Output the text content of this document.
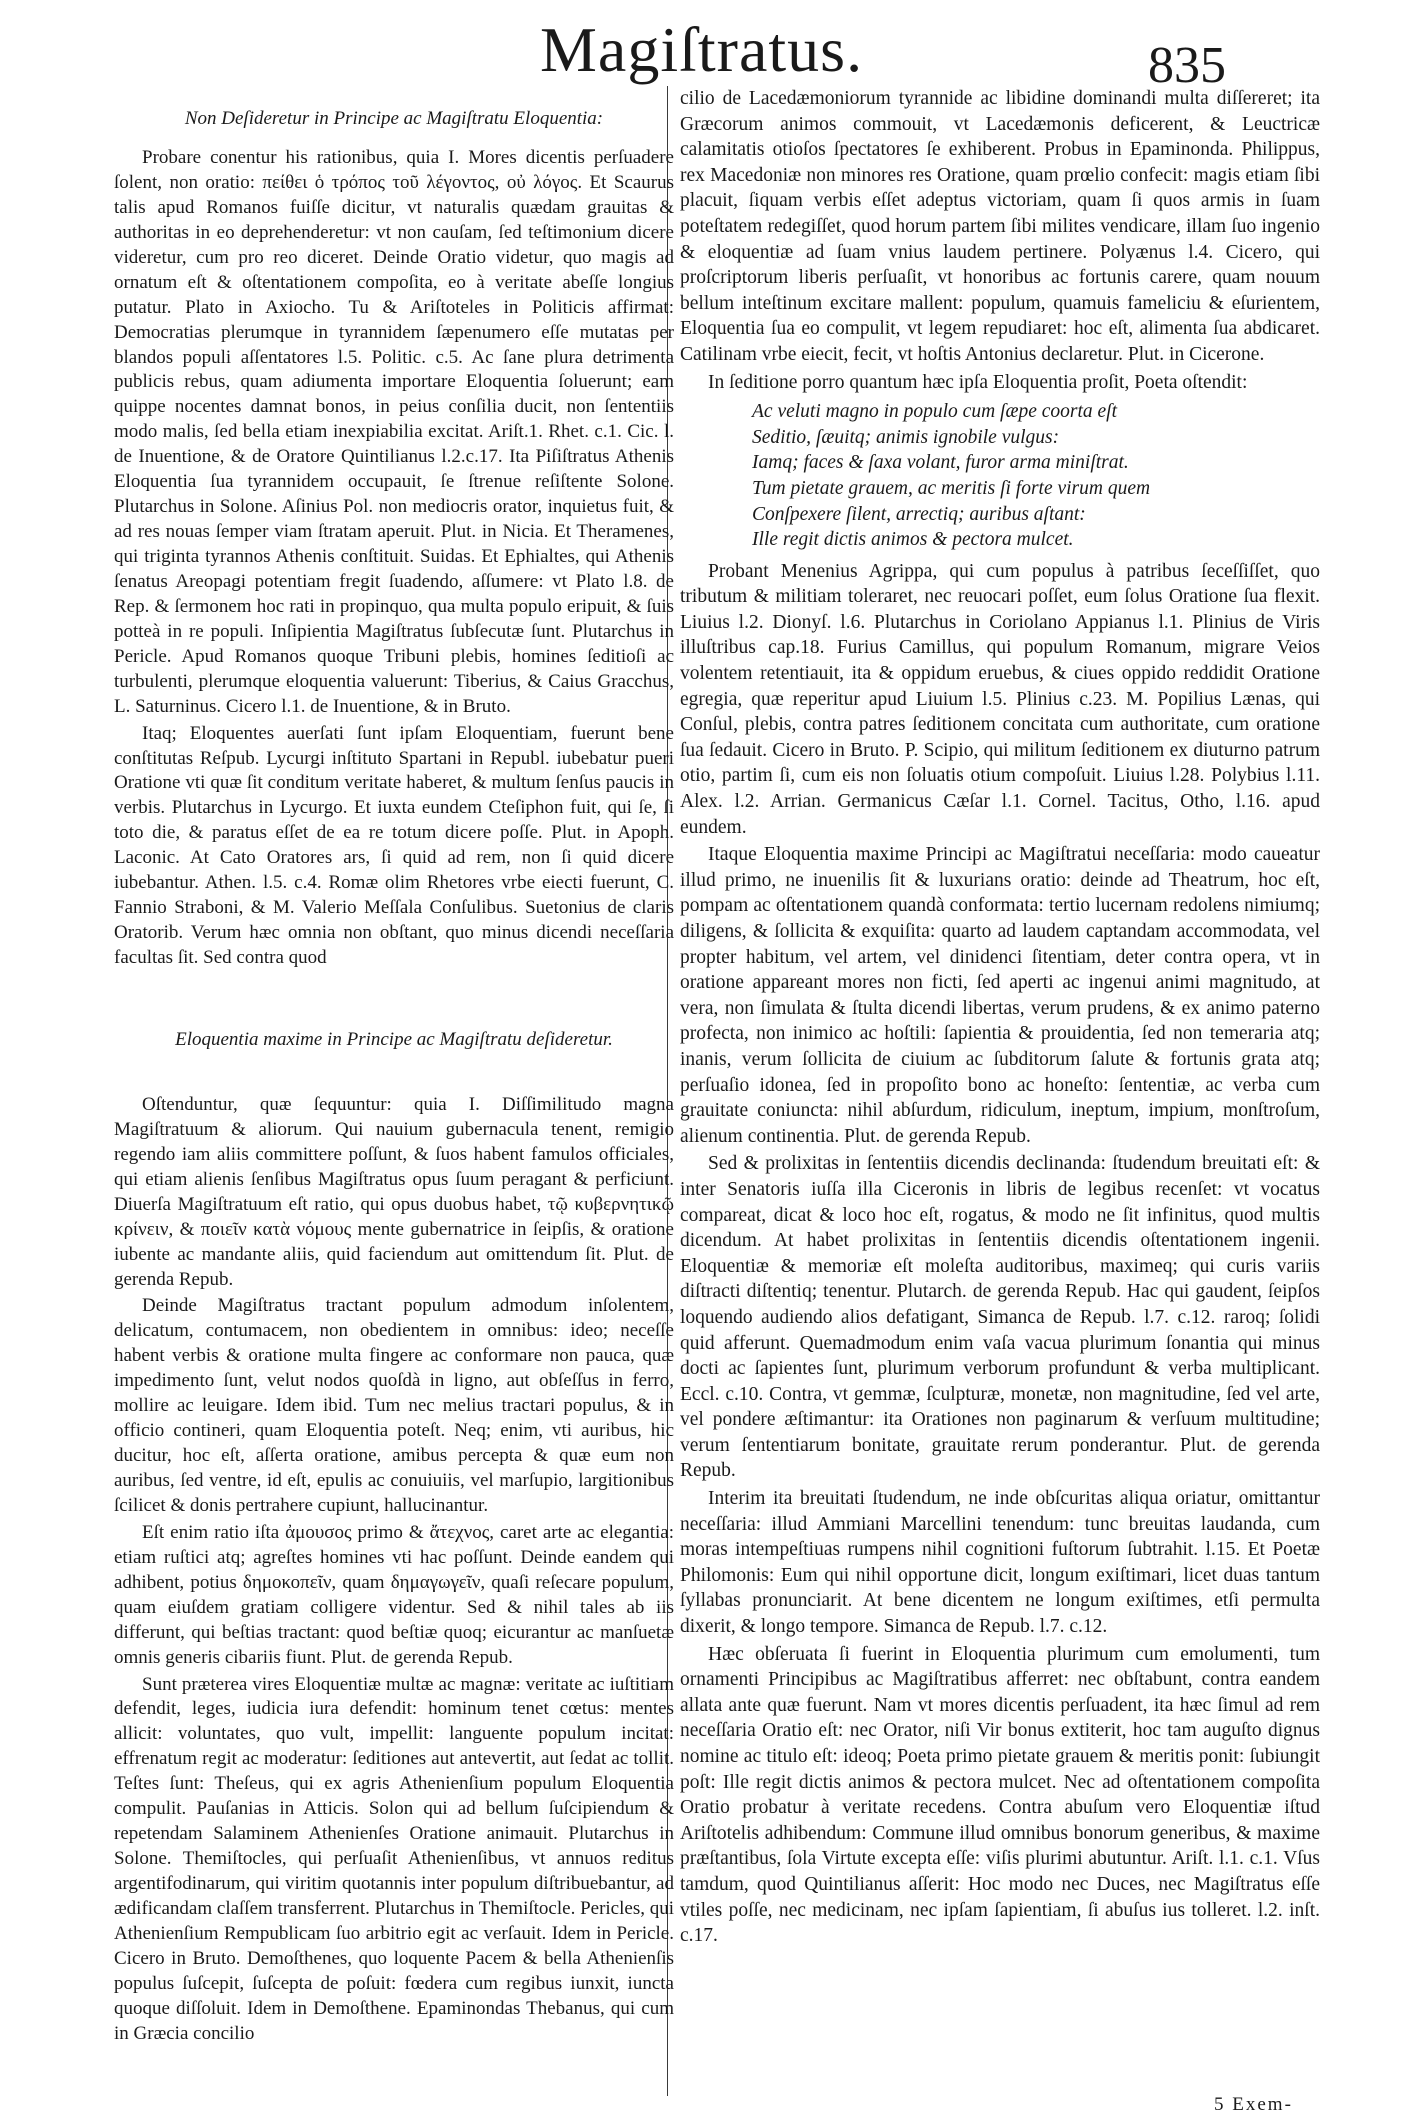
Magiſtratus.	835
Non Deſideretur in Principe ac Magiſtratu Eloquentia:

Probare conentur his rationibus, quia I. Mores dicentis perſuadere ſolent, non oratio: πείθει ὁ τρόπος τοῦ λέγοντος, οὐ λόγος. Et Scaurus talis apud Romanos fuiſſe dicitur, vt naturalis quædam grauitas & authoritas in eo deprehenderetur: vt non cauſam, ſed teſtimonium dicere videretur, cum pro reo diceret. Deinde Oratio videtur, quo magis ad ornatum eſt & oſtentationem compoſita, eo à veritate abeſſe longius putatur. Plato in Axiocho. Tu & Ariſtoteles in Politicis affirmat: Democratias plerumque in tyrannidem ſæpenumero eſſe mutatas per blandos populi aſſentatores l.5. Politic. c.5. Ac ſane plura detrimenta publicis rebus, quam adiumenta importare Eloquentia ſoluerunt; eam quippe nocentes damnat bonos, in peius conſilia ducit, non ſententiis modo malis, ſed bella etiam inexpiabilia excitat. Ariſt.1. Rhet. c.1. Cic. l. de Inuentione, & de Oratore Quintilianus l.2.c.17. Ita Piſiſtratus Athenis Eloquentia ſua tyrannidem occupauit, ſe ſtrenue reſiſtente Solone. Plutarchus in Solone. Aſinius Pol. non mediocris orator, inquietus fuit, & ad res nouas ſemper viam ſtratam aperuit. Plut. in Nicia. Et Theramenes, qui triginta tyrannos Athenis conſtituit. Suidas. Et Ephialtes, qui Athenis ſenatus Areopagi potentiam fregit ſuadendo, aſſumere: vt Plato l.8. de Rep. & ſermonem hoc rati in propinquo, qua multa populo eripuit, & ſuis potteà in re populi. Inſipientia Magiſtratus ſubſecutæ ſunt. Plutarchus in Pericle. Apud Romanos quoque Tribuni plebis, homines ſeditioſi ac turbulenti, plerumque eloquentia valuerunt: Tiberius, & Caius Gracchus, L. Saturninus. Cicero l.1. de Inuentione, & in Bruto.

Itaq; Eloquentes auerſati ſunt ipſam Eloquentiam, fuerunt bene conſtitutas Reſpub. Lycurgi inſtituto Spartani in Republ. iubebatur pueri Oratione vti quæ ſit conditum veritate haberet, & multum ſenſus paucis in verbis. Plutarchus in Lycurgo. Et iuxta eundem Cteſiphon fuit, qui ſe, ſi toto die, & paratus eſſet de ea re totum dicere poſſe. Plut. in Apoph. Laconic. At Cato Oratores ars, ſi quid ad rem, non ſi quid dicere iubebantur. Athen. l.5. c.4. Romæ olim Rhetores vrbe eiecti fuerunt, C. Fannio Straboni, & M. Valerio Meſſala Conſulibus. Suetonius de claris Oratorib. Verum hæc omnia non obſtant, quo minus dicendi neceſſaria facultas ſit. Sed contra quod

Eloquentia maxime in Principe ac Magiſtratu deſideretur.

Oſtenduntur, quæ ſequuntur: quia I. Diſſimilitudo magna Magiſtratuum & aliorum. Qui nauium gubernacula tenent, remigio regendo iam aliis committere poſſunt, & ſuos habent famulos officiales, qui etiam alienis ſenſibus Magiſtratus opus ſuum peragant & perficiunt. Diuerſa Magiſtratuum eſt ratio, qui opus duobus habet, τῷ κυβερνητικῷ κρίνειν, & ποιεῖν κατὰ νόμους mente gubernatrice in ſeipſis, & oratione iubente ac mandante aliis, quid faciendum aut omittendum ſit. Plut. de gerenda Repub.

Deinde Magiſtratus tractant populum admodum inſolentem, delicatum, contumacem, non obedientem in omnibus: ideo; neceſſe habent verbis & oratione multa fingere ac conformare non pauca, quæ impedimento ſunt, velut nodos quoſdà in ligno, aut obſeſſus in ferro, mollire ac leuigare. Idem ibid. Tum nec melius tractari populus, & in officio contineri, quam Eloquentia poteſt. Neq; enim, vti auribus, hic ducitur, hoc eſt, aſſerta oratione, amibus percepta & quæ eum non auribus, ſed ventre, id eſt, epulis ac conuiuiis, vel marſupio, largitionibus ſcilicet & donis pertrahere cupiunt, hallucinantur.

Eſt enim ratio iſta ἀμουσος primo & ἄτεχνος, caret arte ac elegantia: etiam ruſtici atq; agreſtes homines vti hac poſſunt. Deinde eandem qui adhibent, potius δημοκοπεῖν, quam δημαγωγεῖν, quaſi reſecare populum, quam eiuſdem gratiam colligere videntur. Sed & nihil tales ab iis differunt, qui beſtias tractant: quod beſtiæ quoq; eicurantur ac manſuetæ omnis generis cibariis fiunt. Plut. de gerenda Repub.

Sunt præterea vires Eloquentiæ multæ ac magnæ: veritate ac iuſtitiam defendit, leges, iudicia iura defendit: hominum tenet cœtus: mentes allicit: voluntates, quo vult, impellit: languente populum incitat: effrenatum regit ac moderatur: ſeditiones aut antevertit, aut ſedat ac tollit. Teſtes ſunt: Theſeus, qui ex agris Athenienſium populum Eloquentia compulit. Pauſanias in Atticis. Solon qui ad bellum ſuſcipiendum & repetendam Salaminem Athenienſes Oratione animauit. Plutarchus in Solone. Themiſtocles, qui perſuaſit Athenienſibus, vt annuos reditus argentifodinarum, qui viritim quotannis inter populum diſtribuebantur, ad ædificandam claſſem transferrent. Plutarchus in Themiſtocle. Pericles, qui Athenienſium Rempublicam ſuo arbitrio egit ac verſauit. Idem in Pericle. Cicero in Bruto. Demoſthenes, quo loquente Pacem & bella Athenienſis populus ſuſcepit, ſuſcepta de poſuit: fœdera cum regibus iunxit, iuncta quoque diſſoluit. Idem in Demoſthene. Epaminondas Thebanus, qui cum in Græcia concilio

cilio de Lacedæmoniorum tyrannide ac libidine dominandi multa diſſereret; ita Græcorum animos commouit, vt Lacedæmonis deficerent, & Leuctricæ calamitatis otioſos ſpectatores ſe exhiberent. Probus in Epaminonda. Philippus, rex Macedoniæ non minores res Oratione, quam prœlio confecit: magis etiam ſibi placuit, ſiquam verbis eſſet adeptus victoriam, quam ſi quos armis in ſuam poteſtatem redegiſſet, quod horum partem ſibi milites vendicare, illam ſuo ingenio & eloquentiæ ad ſuam vnius laudem pertinere. Polyænus l.4. Cicero, qui proſcriptorum liberis perſuaſit, vt honoribus ac fortunis carere, quam nouum bellum inteſtinum excitare mallent: populum, quamuis fameliciu & eſurientem, Eloquentia ſua eo compulit, vt legem repudiaret: hoc eſt, alimenta ſua abdicaret. Catilinam vrbe eiecit, fecit, vt hoſtis Antonius declaretur. Plut. in Cicerone.

In ſeditione porro quantum hæc ipſa Eloquentia proſit, Poeta oſtendit:

Ac veluti magno in populo cum ſæpe coorta eſt
Seditio, ſæuitq; animis ignobile vulgus:
Iamq; faces & ſaxa volant, furor arma miniſtrat.
Tum pietate grauem, ac meritis ſi forte virum quem
Conſpexere ſilent, arrectiq; auribus aſtant:
Ille regit dictis animos & pectora mulcet.

Probant Menenius Agrippa, qui cum populus à patribus ſeceſſiſſet, quo tributum & militiam toleraret, nec reuocari poſſet, eum ſolus Oratione ſua flexit. Liuius l.2. Dionyſ. l.6. Plutarchus in Coriolano Appianus l.1. Plinius de Viris illuſtribus cap.18. Furius Camillus, qui populum Romanum, migrare Veios volentem retentiauit, ita & oppidum eruebus, & ciues oppido reddidit Oratione egregia, quæ reperitur apud Liuium l.5. Plinius c.23. M. Popilius Lænas, qui Conſul, plebis, contra patres ſeditionem concitata cum authoritate, cum oratione ſua ſedauit. Cicero in Bruto. P. Scipio, qui militum ſeditionem ex diuturno patrum otio, partim ſi, cum eis non ſoluatis otium compoſuit. Liuius l.28. Polybius l.11. Alex. l.2. Arrian. Germanicus Cæſar l.1. Cornel. Tacitus, Otho, l.16. apud eundem.

Itaque Eloquentia maxime Principi ac Magiſtratui neceſſaria: modo caueatur illud primo, ne inuenilis ſit & luxurians oratio: deinde ad Theatrum, hoc eſt, pompam ac oſtentationem quandà conformata: tertio lucernam redolens nimiumq; diligens, & ſollicita & exquiſita: quarto ad laudem captandam accommodata, vel propter habitum, vel artem, vel dinidenci ſitentiam, deter contra opera, vt in oratione appareant mores non ficti, ſed aperti ac ingenui animi magnitudo, at vera, non ſimulata & ſtulta dicendi libertas, verum prudens, & ex animo paterno profecta, non inimico ac hoſtili: ſapientia & prouidentia, ſed non temeraria atq; inanis, verum ſollicita de ciuium ac ſubditorum ſalute & fortunis grata atq; perſuaſio idonea, ſed in propoſito bono ac honeſto: ſententiæ, ac verba cum grauitate coniuncta: nihil abſurdum, ridiculum, ineptum, impium, monſtroſum, alienum continentia. Plut. de gerenda Repub.

Sed & prolixitas in ſententiis dicendis declinanda: ſtudendum breuitati eſt: & inter Senatoris iuſſa illa Ciceronis in libris de legibus recenſet: vt vocatus compareat, dicat & loco hoc eſt, rogatus, & modo ne ſit infinitus, quod multis dicendum. At habet prolixitas in ſententiis dicendis oſtentationem ingenii. Eloquentiæ & memoriæ eſt moleſta auditoribus, maximeq; qui curis variis diſtracti diſtentiq; tenentur. Plutarch. de gerenda Repub. Hac qui gaudent, ſeipſos loquendo audiendo alios defatigant, Simanca de Repub. l.7. c.12. raroq; ſolidi quid afferunt. Quemadmodum enim vaſa vacua plurimum ſonantia qui minus docti ac ſapientes ſunt, plurimum verborum profundunt & verba multiplicant. Eccl. c.10. Contra, vt gemmæ, ſculpturæ, monetæ, non magnitudine, ſed vel arte, vel pondere æſtimantur: ita Orationes non paginarum & verſuum multitudine; verum ſententiarum bonitate, grauitate rerum ponderantur. Plut. de gerenda Repub.

Interim ita breuitati ſtudendum, ne inde obſcuritas aliqua oriatur, omittantur neceſſaria: illud Ammiani Marcellini tenendum: tunc breuitas laudanda, cum moras intempeſtiuas rumpens nihil cognitioni fuſtorum ſubtrahit. l.15. Et Poetæ Philomonis: Eum qui nihil opportune dicit, longum exiſtimari, licet duas tantum ſyllabas pronunciarit. At bene dicentem ne longum exiſtimes, etſi permulta dixerit, & longo tempore. Simanca de Repub. l.7. c.12.

Hæc obſeruata ſi fuerint in Eloquentia plurimum cum emolumenti, tum ornamenti Principibus ac Magiſtratibus afferret: nec obſtabunt, contra eandem allata ante quæ fuerunt. Nam vt mores dicentis perſuadent, ita hæc ſimul ad rem neceſſaria Oratio eſt: nec Orator, niſi Vir bonus extiterit, hoc tam auguſto dignus nomine ac titulo eſt: ideoq; Poeta primo pietate grauem & meritis ponit: ſubiungit poſt: Ille regit dictis animos & pectora mulcet. Nec ad oſtentationem compoſita Oratio probatur à veritate recedens. Contra abuſum vero Eloquentiæ iſtud Ariſtotelis adhibendum: Commune illud omnibus bonorum generibus, & maxime præſtantibus, ſola Virtute excepta eſſe: viſis plurimi abutuntur. Ariſt. l.1. c.1. Vſus tamdum, quod Quintilianus aſſerit: Hoc modo nec Duces, nec Magiſtratus eſſe vtiles poſſe, nec medicinam, nec ipſam ſapientiam, ſi abuſus ius tolleret. l.2. inſt. c.17.

5 Exem-
